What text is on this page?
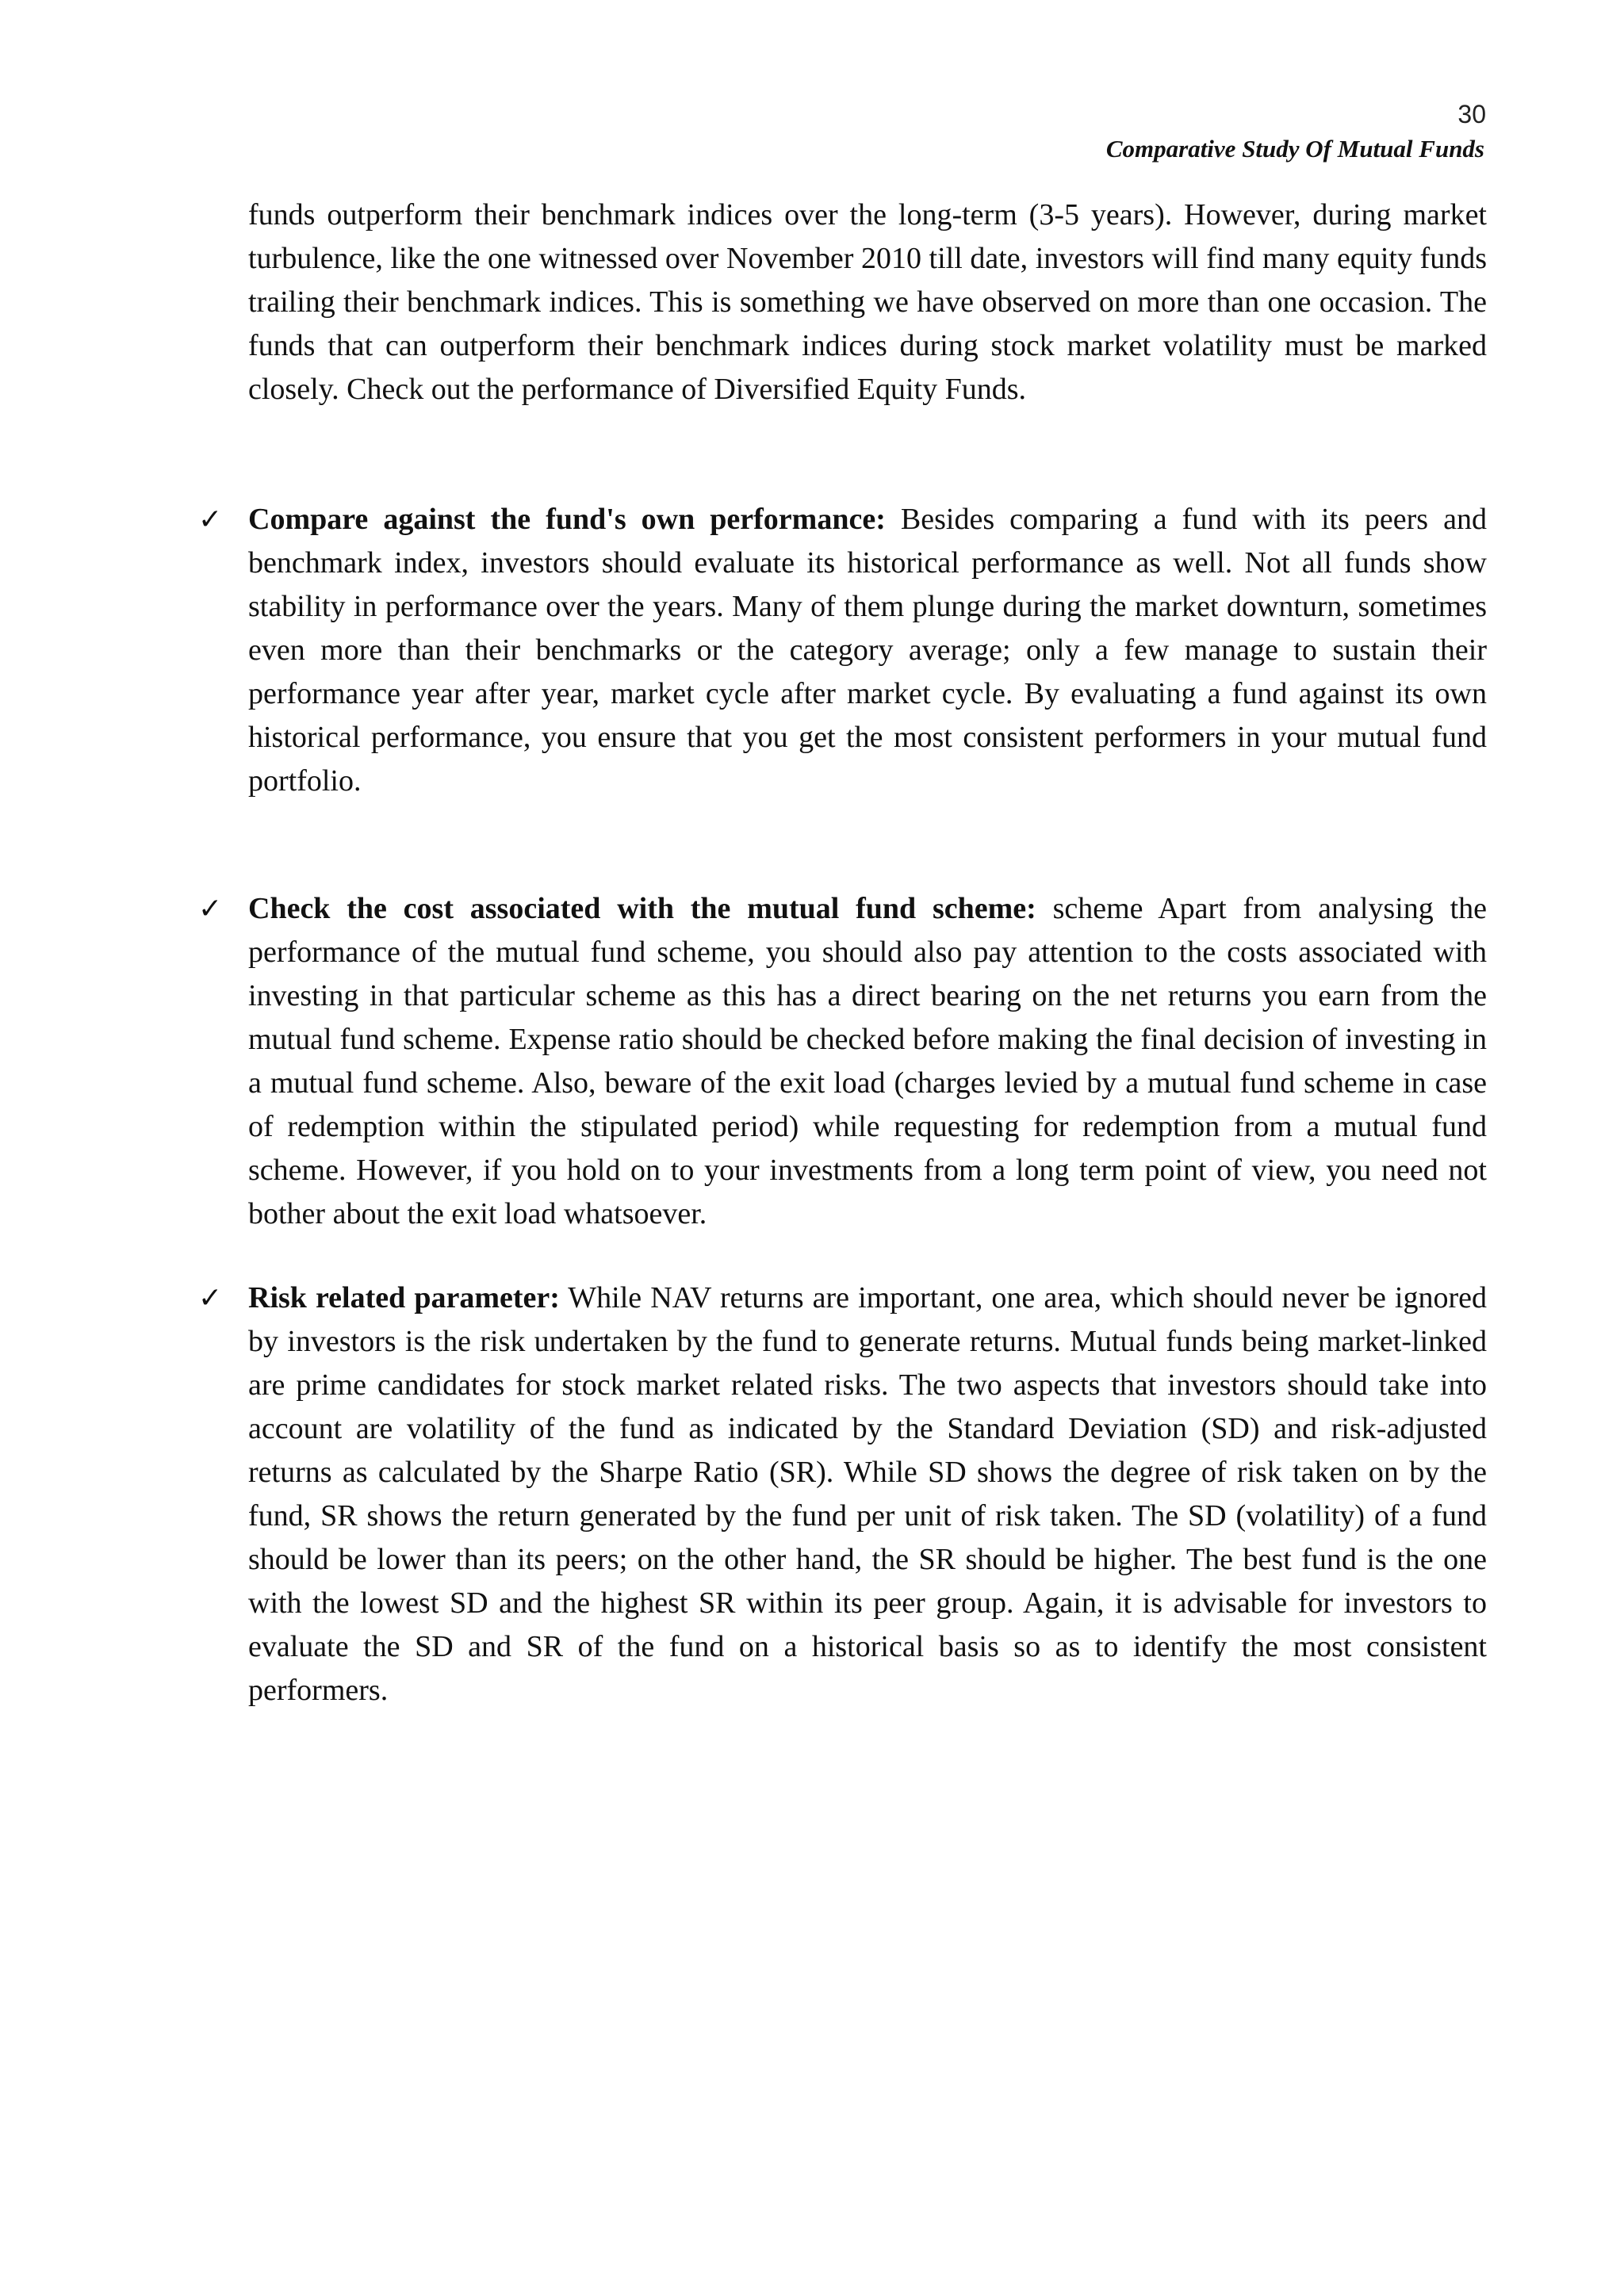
30
Comparative Study Of Mutual Funds

funds outperform their benchmark indices over the long-term (3-5 years). However, during market turbulence, like the one witnessed over November 2010 till date, investors will find many equity funds trailing their benchmark indices. This is something we have observed on more than one occasion. The funds that can outperform their benchmark indices during stock market volatility must be marked closely. Check out the performance of Diversified Equity Funds.

✓ Compare against the fund's own performance: Besides comparing a fund with its peers and benchmark index, investors should evaluate its historical performance as well. Not all funds show stability in performance over the years. Many of them plunge during the market downturn, sometimes even more than their benchmarks or the category average; only a few manage to sustain their performance year after year, market cycle after market cycle. By evaluating a fund against its own historical performance, you ensure that you get the most consistent performers in your mutual fund portfolio.

✓ Check the cost associated with the mutual fund scheme: scheme Apart from analysing the performance of the mutual fund scheme, you should also pay attention to the costs associated with investing in that particular scheme as this has a direct bearing on the net returns you earn from the mutual fund scheme. Expense ratio should be checked before making the final decision of investing in a mutual fund scheme. Also, beware of the exit load (charges levied by a mutual fund scheme in case of redemption within the stipulated period) while requesting for redemption from a mutual fund scheme. However, if you hold on to your investments from a long term point of view, you need not bother about the exit load whatsoever.

✓ Risk related parameter: While NAV returns are important, one area, which should never be ignored by investors is the risk undertaken by the fund to generate returns. Mutual funds being market-linked are prime candidates for stock market related risks. The two aspects that investors should take into account are volatility of the fund as indicated by the Standard Deviation (SD) and risk-adjusted returns as calculated by the Sharpe Ratio (SR). While SD shows the degree of risk taken on by the fund, SR shows the return generated by the fund per unit of risk taken. The SD (volatility) of a fund should be lower than its peers; on the other hand, the SR should be higher. The best fund is the one with the lowest SD and the highest SR within its peer group. Again, it is advisable for investors to evaluate the SD and SR of the fund on a historical basis so as to identify the most consistent performers.
